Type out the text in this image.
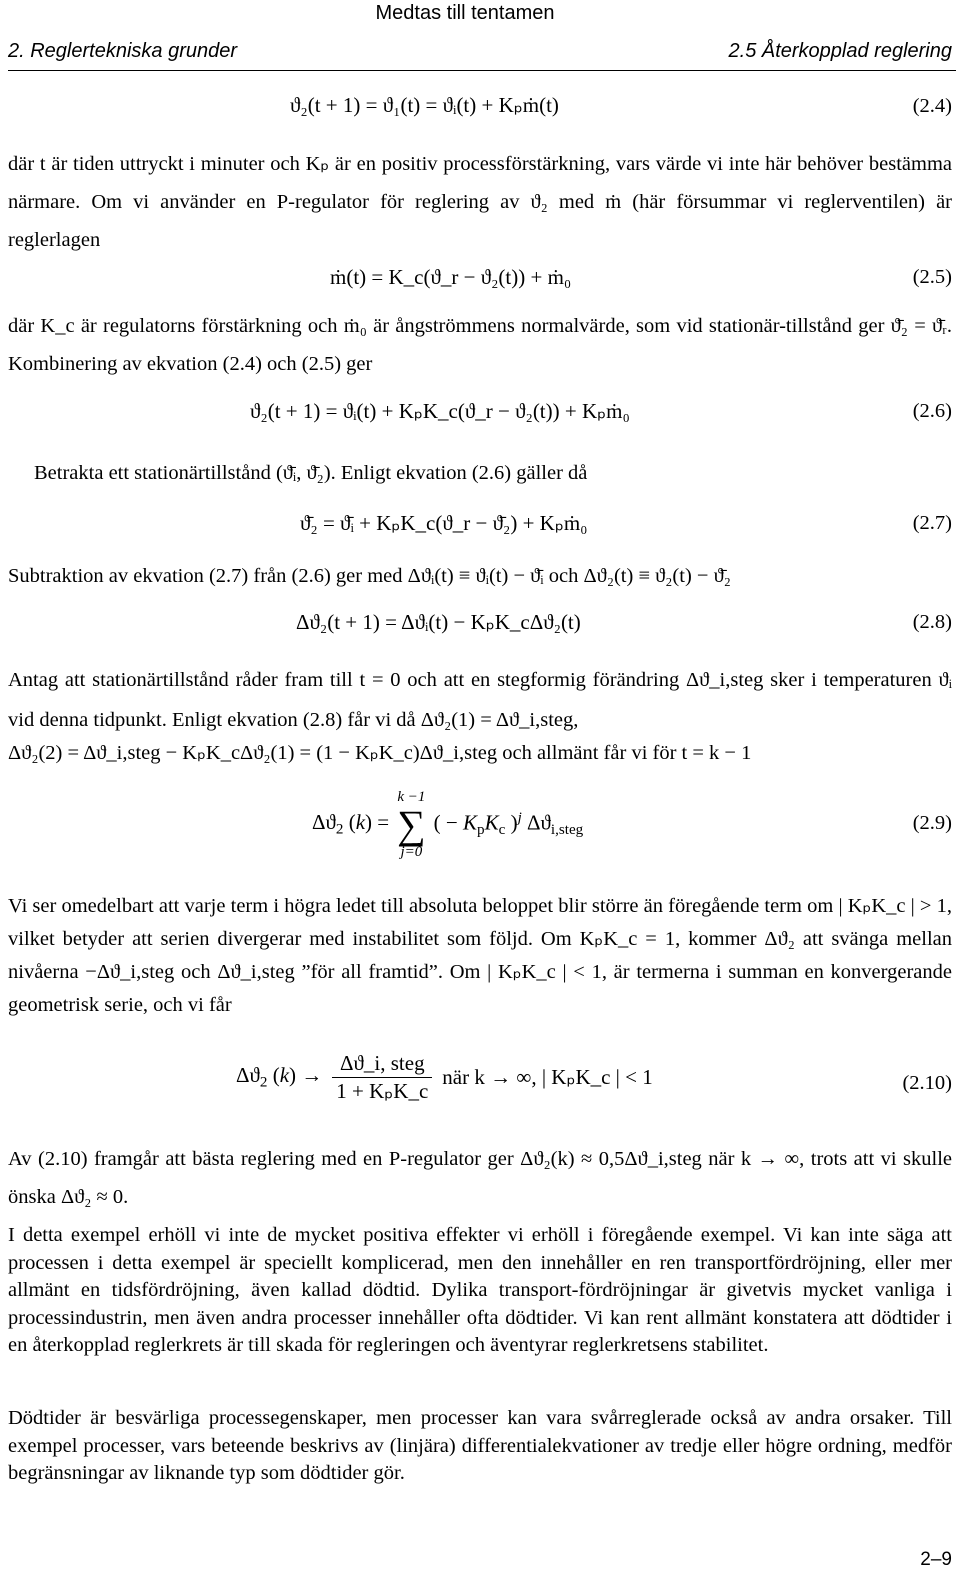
Medtas till tentamen
2. Reglertekniska grunder	2.5 Återkopplad reglering
ϑ₂(t + 1) = ϑ₁(t) = ϑᵢ(t) + Kₚṁ(t)	(2.4)

där t är tiden uttryckt i minuter och Kₚ är en positiv processförstärkning, vars värde vi inte här behöver bestämma närmare. Om vi använder en P-regulator för reglering av ϑ₂ med ṁ (här försummar vi reglerventilen) är reglerlagen

ṁ(t) = K_c(ϑ_r − ϑ₂(t)) + ṁ₀	(2.5)

där K_c är regulatorns förstärkning och ṁ₀ är ångströmmens normalvärde, som vid stationär-tillstånd ger ϑ̄₂ = ϑ̄ᵣ. Kombinering av ekvation (2.4) och (2.5) ger

ϑ₂(t + 1) = ϑᵢ(t) + KₚK_c(ϑ_r − ϑ₂(t)) + Kₚṁ₀	(2.6)

Betrakta ett stationärtillstånd (ϑ̄ᵢ, ϑ̄₂). Enligt ekvation (2.6) gäller då

ϑ̄₂ = ϑ̄ᵢ + KₚK_c(ϑ_r − ϑ̄₂) + Kₚṁ₀	(2.7)

Subtraktion av ekvation (2.7) från (2.6) ger med Δϑᵢ(t) ≡ ϑᵢ(t) − ϑ̄ᵢ och Δϑ₂(t) ≡ ϑ₂(t) − ϑ̄₂

Δϑ₂(t + 1) = Δϑᵢ(t) − KₚK_cΔϑ₂(t)	(2.8)

Antag att stationärtillstånd råder fram till t = 0 och att en stegformig förändring Δϑ_i,steg sker i temperaturen ϑᵢ vid denna tidpunkt. Enligt ekvation (2.8) får vi då Δϑ₂(1) = Δϑ_i,steg,

Δϑ₂(2) = Δϑ_i,steg − KₚK_cΔϑ₂(1) = (1 − KₚK_c)Δϑ_i,steg och allmänt får vi för t = k − 1

$\Delta ϑ_2$ (k) =
k −1
∑
j=0
( − $K_pK_c$ )$^j$ $\Delta ϑ_{i,steg}$	(2.9)

Vi ser omedelbart att varje term i högra ledet till absoluta beloppet blir större än föregående term om | KₚK_c | > 1, vilket betyder att serien divergerar med instabilitet som följd. Om KₚK_c = 1, kommer Δϑ₂ att svänga mellan nivåerna −Δϑ_i,steg och Δϑ_i,steg ”för all framtid”. Om | KₚK_c | < 1, är termerna i summan en konvergerande geometrisk serie, och vi får

$\Delta ϑ_2$ $(k) \to \frac{\text{Δϑ\_i, steg}}{\text{1 + KₚK\_c}}$ när k → ∞, | KₚK_c | < 1	(2.10)

Av (2.10) framgår att bästa reglering med en P-regulator ger Δϑ₂(k) ≈ 0,5Δϑ_i,steg när k → ∞, trots att vi skulle önska Δϑ₂ ≈ 0.

I detta exempel erhöll vi inte de mycket positiva effekter vi erhöll i föregående exempel. Vi kan inte säga att processen i detta exempel är speciellt komplicerad, men den innehåller en ren transportfördröjning, eller mer allmänt en tidsfördröjning, även kallad dödtid. Dylika transport-fördröjningar är givetvis mycket vanliga i processindustrin, men även andra processer innehåller ofta dödtider. Vi kan rent allmänt konstatera att dödtider i en återkopplad reglerkrets är till skada för regleringen och äventyrar reglerkretsens stabilitet.

Dödtider är besvärliga processegenskaper, men processer kan vara svårreglerade också av andra orsaker. Till exempel processer, vars beteende beskrivs av (linjära) differentialekvationer av tredje eller högre ordning, medför begränsningar av liknande typ som dödtider gör.

2–9
